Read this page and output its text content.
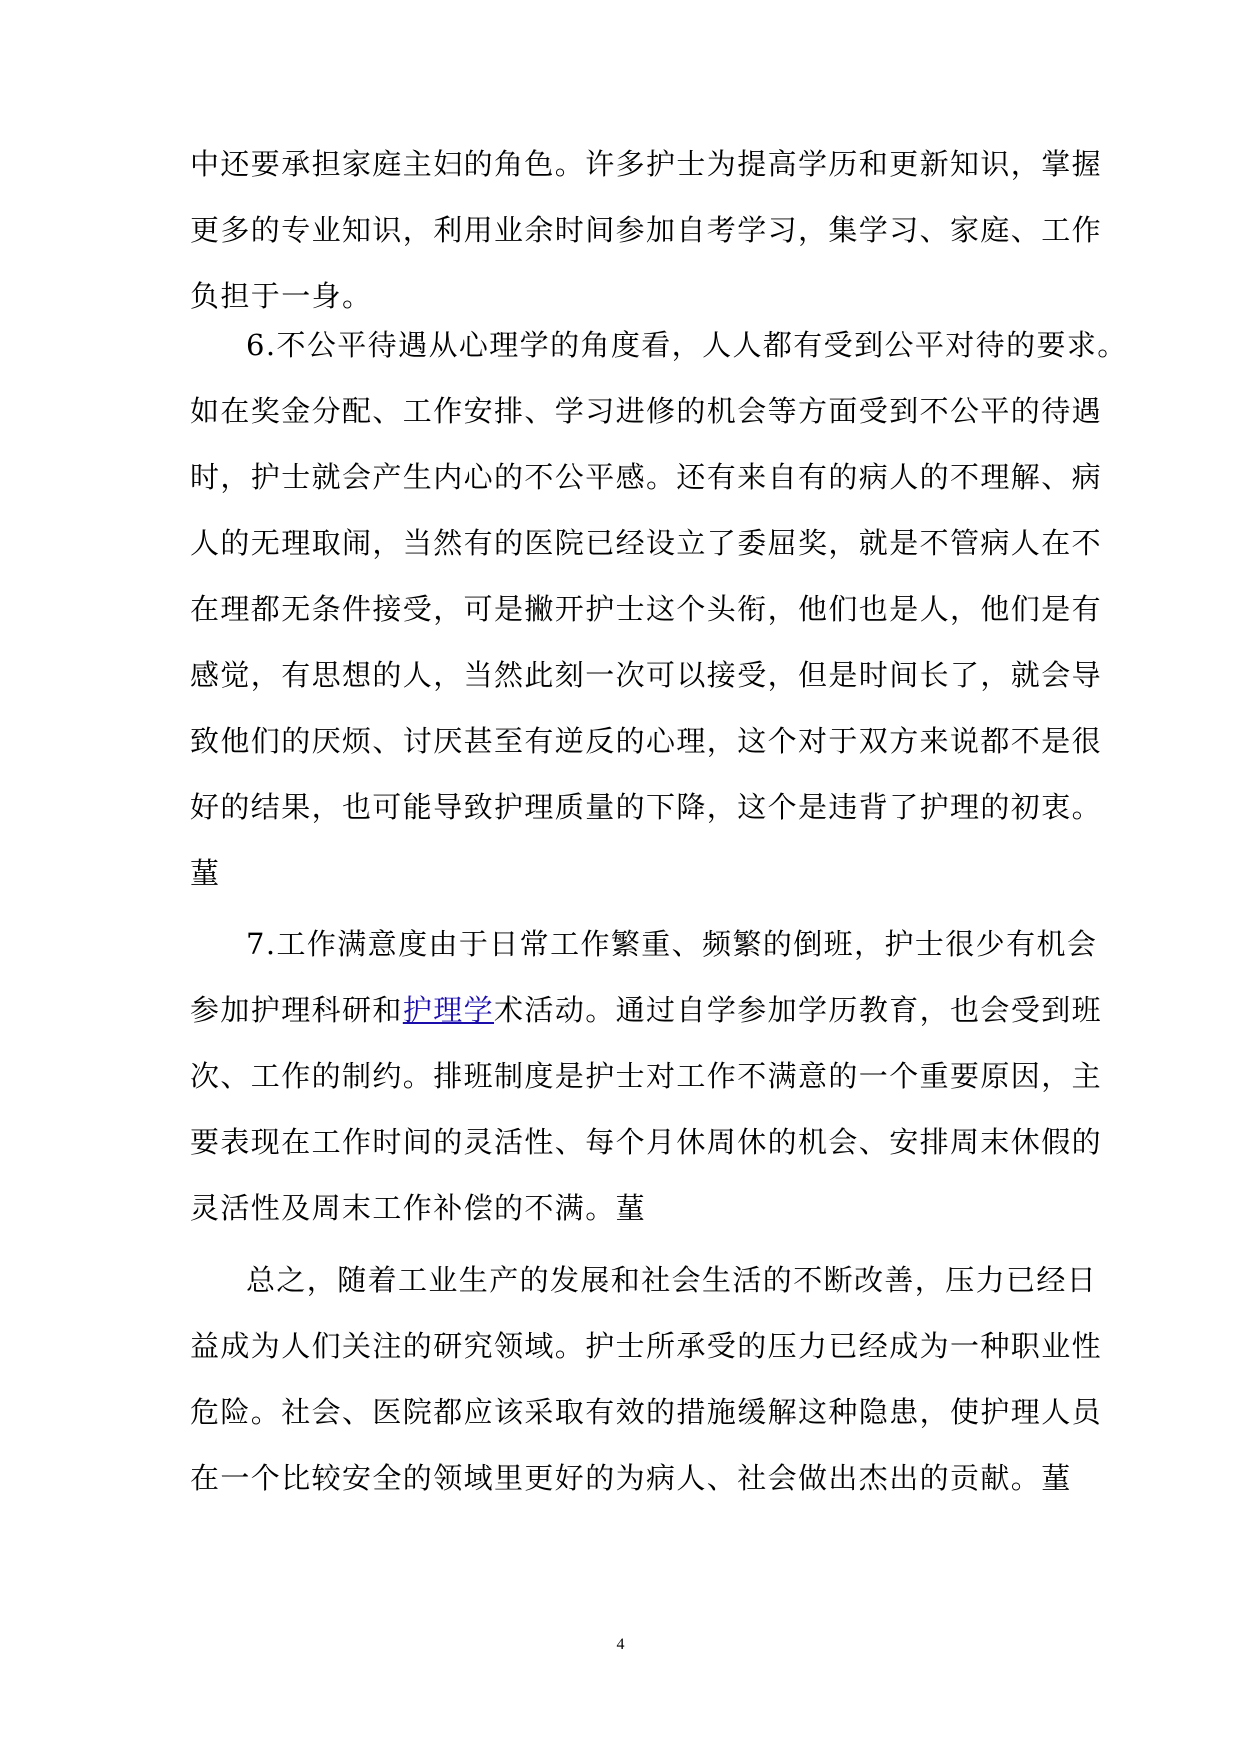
中还要承担家庭主妇的角色。许多护士为提高学历和更新知识，掌握
更多的专业知识，利用业余时间参加自考学习，集学习、家庭、工作
负担于一身。
6.不公平待遇从心理学的角度看，人人都有受到公平对待的要求。
如在奖金分配、工作安排、学习进修的机会等方面受到不公平的待遇
时，护士就会产生内心的不公平感。还有来自有的病人的不理解、病
人的无理取闹，当然有的医院已经设立了委屈奖，就是不管病人在不
在理都无条件接受，可是撇开护士这个头衔，他们也是人，他们是有
感觉，有思想的人，当然此刻一次可以接受，但是时间长了，就会导
致他们的厌烦、讨厌甚至有逆反的心理，这个对于双方来说都不是很
好的结果，也可能导致护理质量的下降，这个是违背了护理的初衷。
蓳
7.工作满意度由于日常工作繁重、频繁的倒班，护士很少有机会
参加护理科研和护理学术活动。通过自学参加学历教育，也会受到班
次、工作的制约。排班制度是护士对工作不满意的一个重要原因，主
要表现在工作时间的灵活性、每个月休周休的机会、安排周末休假的
灵活性及周末工作补偿的不满。蓳
总之，随着工业生产的发展和社会生活的不断改善，压力已经日
益成为人们关注的研究领域。护士所承受的压力已经成为一种职业性
危险。社会、医院都应该采取有效的措施缓解这种隐患，使护理人员
在一个比较安全的领域里更好的为病人、社会做出杰出的贡献。蓳
4
